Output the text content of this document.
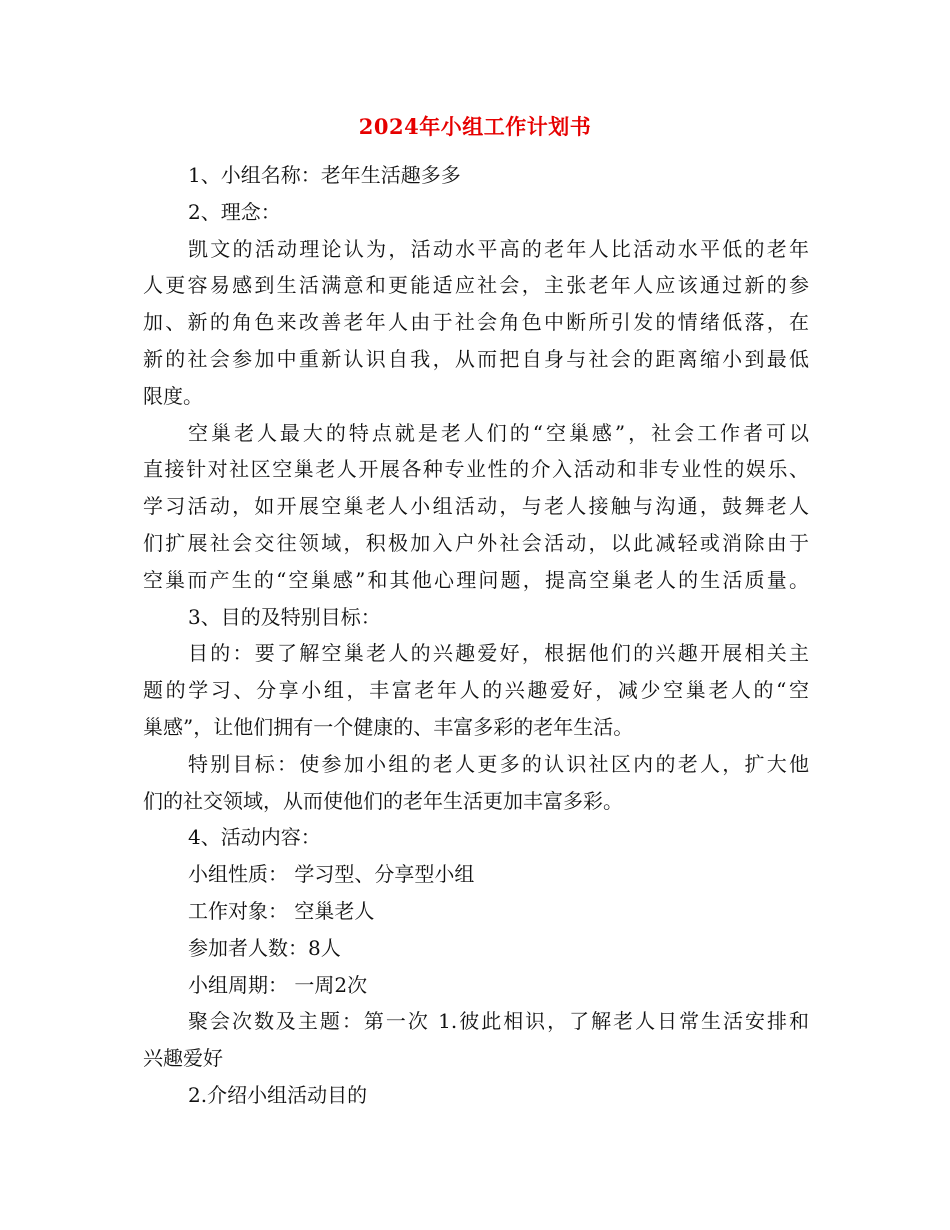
2024年小组工作计划书
1、小组名称：老年生活趣多多
2、理念：
凯文的活动理论认为，活动水平高的老年人比活动水平低的老年
人更容易感到生活满意和更能适应社会，主张老年人应该通过新的参
加、新的角色来改善老年人由于社会角色中断所引发的情绪低落，在
新的社会参加中重新认识自我，从而把自身与社会的距离缩小到最低
限度。
空巢老人最大的特点就是老人们的“空巢感”，社会工作者可以
直接针对社区空巢老人开展各种专业性的介入活动和非专业性的娱乐、
学习活动，如开展空巢老人小组活动，与老人接触与沟通，鼓舞老人
们扩展社会交往领域，积极加入户外社会活动，以此减轻或消除由于
空巢而产生的“空巢感”和其他心理问题，提高空巢老人的生活质量。
3、目的及特别目标：
目的：要了解空巢老人的兴趣爱好，根据他们的兴趣开展相关主
题的学习、分享小组，丰富老年人的兴趣爱好，减少空巢老人的“空
巢感”，让他们拥有一个健康的、丰富多彩的老年生活。
特别目标：使参加小组的老人更多的认识社区内的老人，扩大他
们的社交领域，从而使他们的老年生活更加丰富多彩。
4、活动内容：
小组性质： 学习型、分享型小组
工作对象： 空巢老人
参加者人数：8人
小组周期： 一周2次
聚会次数及主题：第一次 1.彼此相识，了解老人日常生活安排和
兴趣爱好
2.介绍小组活动目的
